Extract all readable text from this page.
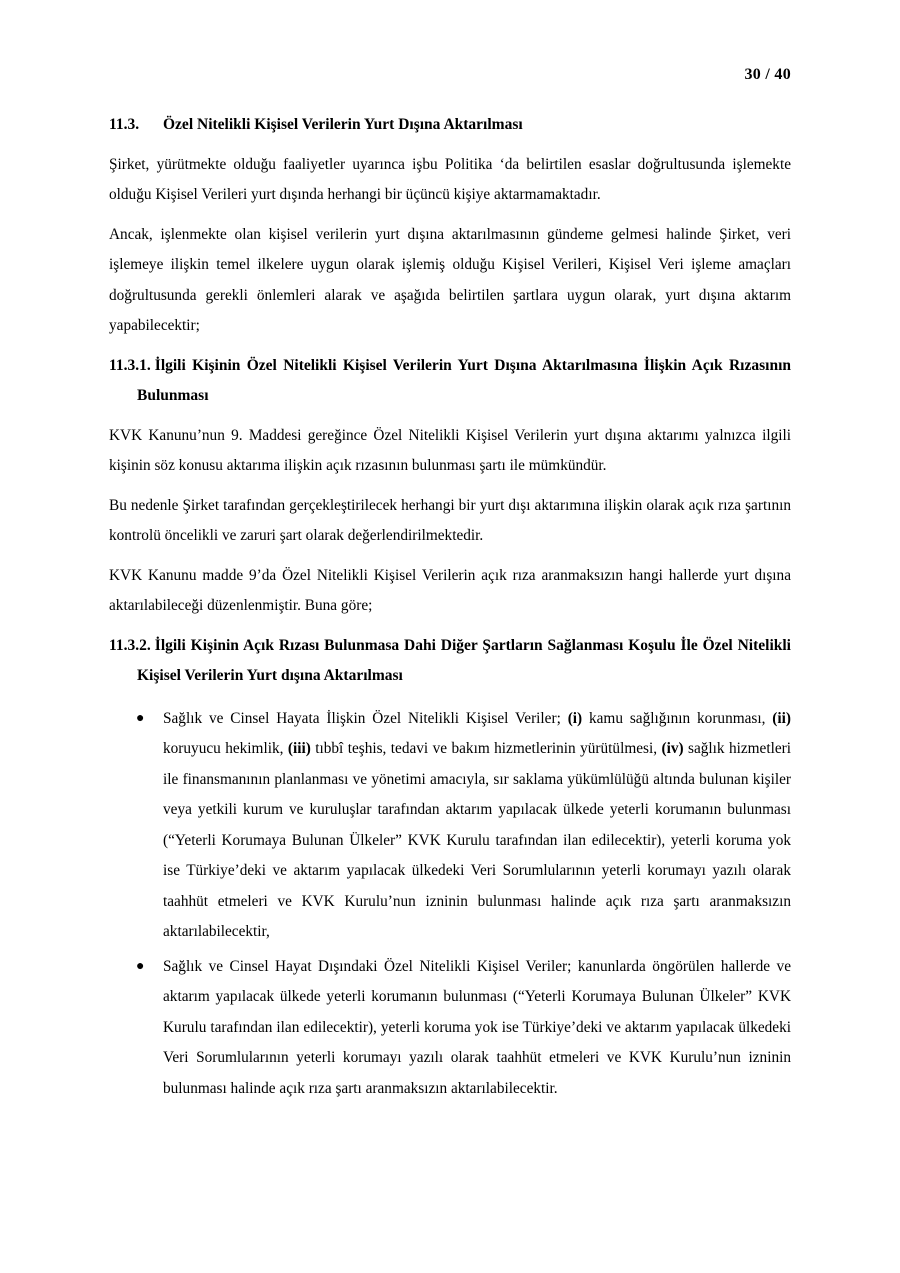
30 / 40
11.3. Özel Nitelikli Kişisel Verilerin Yurt Dışına Aktarılması

Şirket, yürütmekte olduğu faaliyetler uyarınca işbu Politika ‘da belirtilen esaslar doğrultusunda işlemekte olduğu Kişisel Verileri yurt dışında herhangi bir üçüncü kişiye aktarmamaktadır.

Ancak, işlenmekte olan kişisel verilerin yurt dışına aktarılmasının gündeme gelmesi halinde Şirket, veri işlemeye ilişkin temel ilkelere uygun olarak işlemiş olduğu Kişisel Verileri, Kişisel Veri işleme amaçları doğrultusunda gerekli önlemleri alarak ve aşağıda belirtilen şartlara uygun olarak, yurt dışına aktarım yapabilecektir;

11.3.1. İlgili Kişinin Özel Nitelikli Kişisel Verilerin Yurt Dışına Aktarılmasına İlişkin Açık Rızasının Bulunması

KVK Kanunu’nun 9. Maddesi gereğince Özel Nitelikli Kişisel Verilerin yurt dışına aktarımı yalnızca ilgili kişinin söz konusu aktarıma ilişkin açık rızasının bulunması şartı ile mümkündür.

Bu nedenle Şirket tarafından gerçekleştirilecek herhangi bir yurt dışı aktarımına ilişkin olarak açık rıza şartının kontrolü öncelikli ve zaruri şart olarak değerlendirilmektedir.

KVK Kanunu madde 9’da Özel Nitelikli Kişisel Verilerin açık rıza aranmaksızın hangi hallerde yurt dışına aktarılabileceği düzenlenmiştir. Buna göre;

11.3.2. İlgili Kişinin Açık Rızası Bulunmasa Dahi Diğer Şartların Sağlanması Koşulu İle Özel Nitelikli Kişisel Verilerin Yurt dışına Aktarılması
● Sağlık ve Cinsel Hayata İlişkin Özel Nitelikli Kişisel Veriler; (i) kamu sağlığının korunması, (ii) koruyucu hekimlik, (iii) tıbbî teşhis, tedavi ve bakım hizmetlerinin yürütülmesi, (iv) sağlık hizmetleri ile finansmanının planlanması ve yönetimi amacıyla, sır saklama yükümlülüğü altında bulunan kişiler veya yetkili kurum ve kuruluşlar tarafından aktarım yapılacak ülkede yeterli korumanın bulunması (“Yeterli Korumaya Bulunan Ülkeler” KVK Kurulu tarafından ilan edilecektir), yeterli koruma yok ise Türkiye’deki ve aktarım yapılacak ülkedeki Veri Sorumlularının yeterli korumayı yazılı olarak taahhüt etmeleri ve KVK Kurulu’nun izninin bulunması halinde açık rıza şartı aranmaksızın aktarılabilecektir,
● Sağlık ve Cinsel Hayat Dışındaki Özel Nitelikli Kişisel Veriler; kanunlarda öngörülen hallerde ve aktarım yapılacak ülkede yeterli korumanın bulunması (“Yeterli Korumaya Bulunan Ülkeler” KVK Kurulu tarafından ilan edilecektir), yeterli koruma yok ise Türkiye’deki ve aktarım yapılacak ülkedeki Veri Sorumlularının yeterli korumayı yazılı olarak taahhüt etmeleri ve KVK Kurulu’nun izninin bulunması halinde açık rıza şartı aranmaksızın aktarılabilecektir.
